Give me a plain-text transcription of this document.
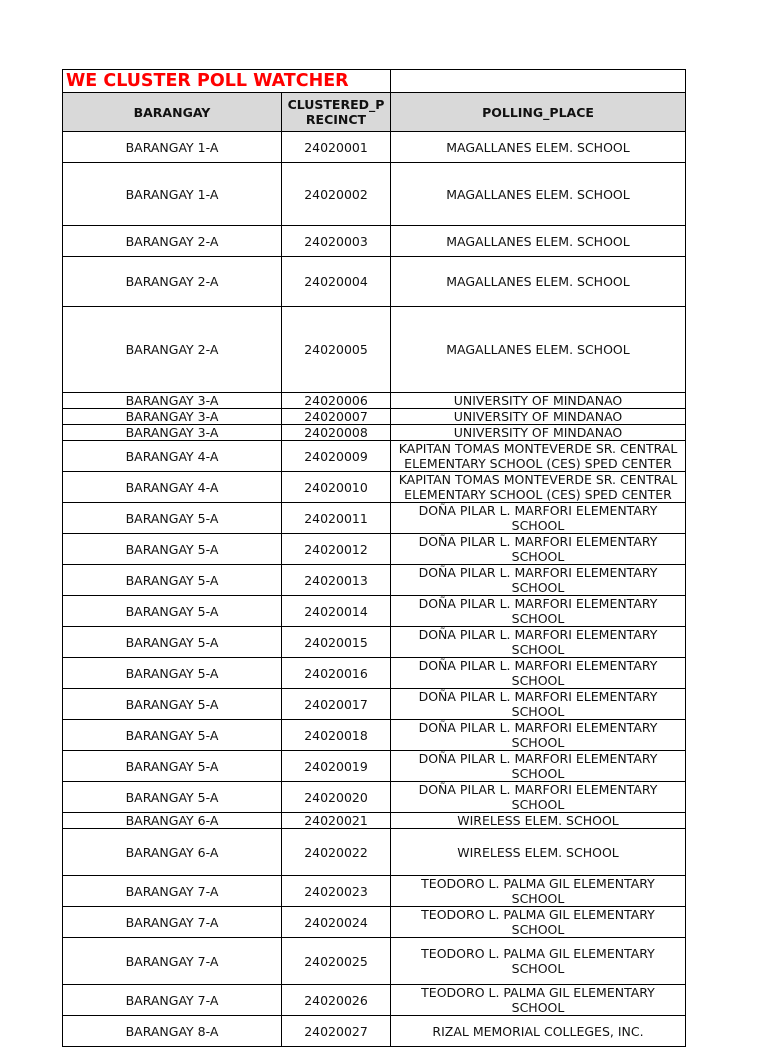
WE CLUSTER POLL WATCHER		
BARANGAY	CLUSTERED_P RECINCT	POLLING_PLACE
BARANGAY 1-A	24020001	MAGALLANES ELEM. SCHOOL
BARANGAY 1-A	24020002	MAGALLANES ELEM. SCHOOL
BARANGAY 2-A	24020003	MAGALLANES ELEM. SCHOOL
BARANGAY 2-A	24020004	MAGALLANES ELEM. SCHOOL
BARANGAY 2-A	24020005	MAGALLANES ELEM. SCHOOL
BARANGAY 3-A	24020006	UNIVERSITY OF MINDANAO
BARANGAY 3-A	24020007	UNIVERSITY OF MINDANAO
BARANGAY 3-A	24020008	UNIVERSITY OF MINDANAO
BARANGAY 4-A	24020009	KAPITAN TOMAS MONTEVERDE SR. CENTRAL ELEMENTARY SCHOOL (CES) SPED CENTER
BARANGAY 4-A	24020010	KAPITAN TOMAS MONTEVERDE SR. CENTRAL ELEMENTARY SCHOOL (CES) SPED CENTER
BARANGAY 5-A	24020011	DOÑA PILAR L. MARFORI ELEMENTARY SCHOOL
BARANGAY 5-A	24020012	DOÑA PILAR L. MARFORI ELEMENTARY SCHOOL
BARANGAY 5-A	24020013	DOÑA PILAR L. MARFORI ELEMENTARY SCHOOL
BARANGAY 5-A	24020014	DOÑA PILAR L. MARFORI ELEMENTARY SCHOOL
BARANGAY 5-A	24020015	DOÑA PILAR L. MARFORI ELEMENTARY SCHOOL
BARANGAY 5-A	24020016	DOÑA PILAR L. MARFORI ELEMENTARY SCHOOL
BARANGAY 5-A	24020017	DOÑA PILAR L. MARFORI ELEMENTARY SCHOOL
BARANGAY 5-A	24020018	DOÑA PILAR L. MARFORI ELEMENTARY SCHOOL
BARANGAY 5-A	24020019	DOÑA PILAR L. MARFORI ELEMENTARY SCHOOL
BARANGAY 5-A	24020020	DOÑA PILAR L. MARFORI ELEMENTARY SCHOOL
BARANGAY 6-A	24020021	WIRELESS ELEM. SCHOOL
BARANGAY 6-A	24020022	WIRELESS ELEM. SCHOOL
BARANGAY 7-A	24020023	TEODORO L. PALMA GIL ELEMENTARY SCHOOL
BARANGAY 7-A	24020024	TEODORO L. PALMA GIL ELEMENTARY SCHOOL
BARANGAY 7-A	24020025	TEODORO L. PALMA GIL ELEMENTARY SCHOOL
BARANGAY 7-A	24020026	TEODORO L. PALMA GIL ELEMENTARY SCHOOL
BARANGAY 8-A	24020027	RIZAL MEMORIAL COLLEGES, INC.
